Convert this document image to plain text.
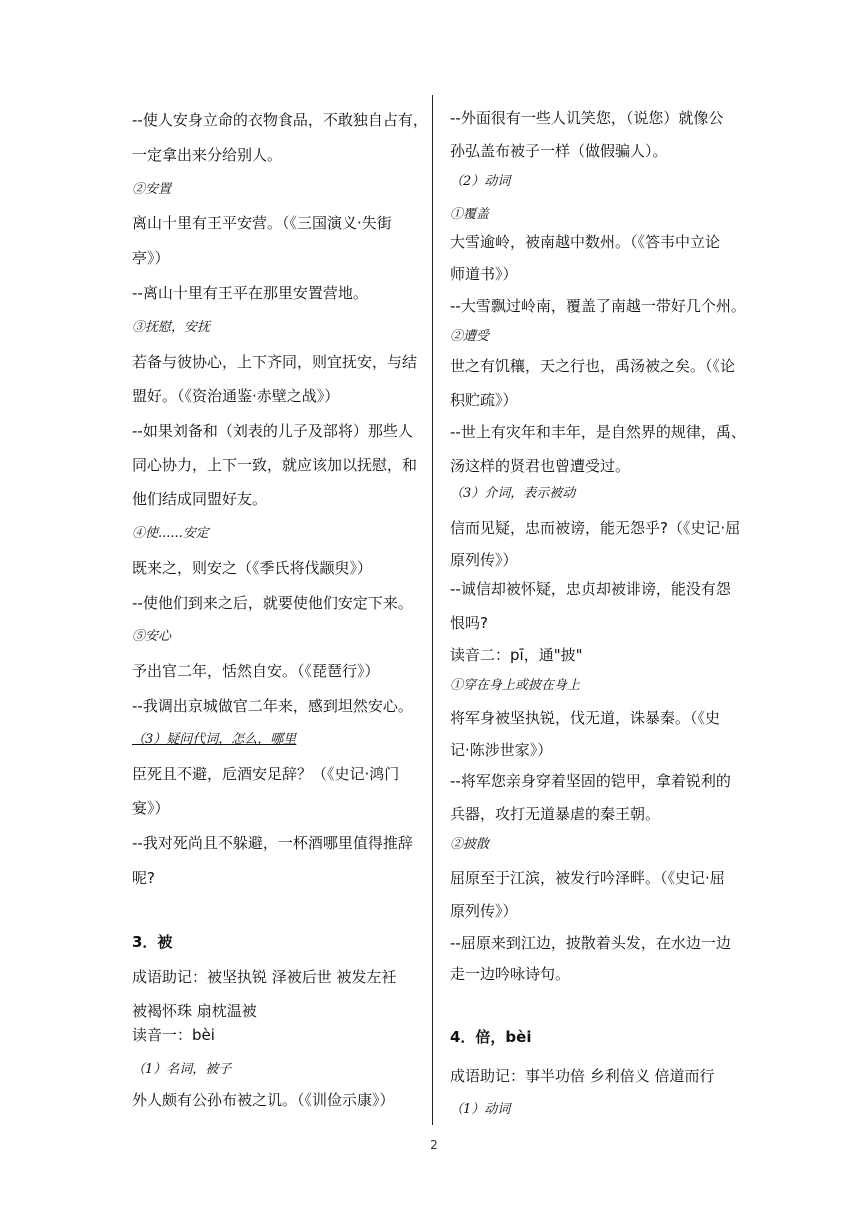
--使人安身立命的衣物食品，不敢独自占有，
一定拿出来分给别人。
②安置
离山十里有王平安营。（《三国演义·失街
亭》）
--离山十里有王平在那里安置营地。
③抚慰，安抚
若备与彼协心，上下齐同，则宜抚安，与结
盟好。（《资治通鉴·赤壁之战》）
--如果刘备和（刘表的儿子及部将）那些人
同心协力，上下一致，就应该加以抚慰，和
他们结成同盟好友。
④使......安定
既来之，则安之（《季氏将伐颛臾》）
--使他们到来之后，就要使他们安定下来。
⑤安心
予出官二年，恬然自安。（《琵琶行》）
--我调出京城做官二年来，感到坦然安心。
（3）疑问代词，怎么，哪里
臣死且不避，卮酒安足辞？（《史记·鸿门
宴》）
--我对死尚且不躲避，一杯酒哪里值得推辞
呢?
3．被
成语助记：被坚执锐 泽被后世 被发左衽
被褐怀珠 扇枕温被
读音一：bèi
（1）名词，被子
外人颇有公孙布被之讥。（《训俭示康》）
--外面很有一些人讥笑您，（说您）就像公
孙弘盖布被子一样（做假骗人）。
（2）动词
①覆盖
大雪逾岭，被南越中数州。（《答韦中立论
师道书》）
--大雪飘过岭南，覆盖了南越一带好几个州。
②遭受
世之有饥穰，天之行也，禹汤被之矣。（《论
积贮疏》）
--世上有灾年和丰年，是自然界的规律，禹、
汤这样的贤君也曾遭受过。
（3）介词，表示被动
信而见疑，忠而被谤，能无怨乎?（《史记·屈
原列传》）
--诚信却被怀疑，忠贞却被诽谤，能没有怨
恨吗?
读音二：pī，通"披"
①穿在身上或披在身上
将军身被坚执锐，伐无道，诛暴秦。（《史
记·陈涉世家》）
--将军您亲身穿着坚固的铠甲，拿着锐利的
兵器，攻打无道暴虐的秦王朝。
②披散
屈原至于江滨，被发行吟泽畔。（《史记·屈
原列传》）
--屈原来到江边，披散着头发，在水边一边
走一边吟咏诗句。
4．倍，bèi
成语助记：事半功倍 乡利倍义 倍道而行
（1）动词
2
